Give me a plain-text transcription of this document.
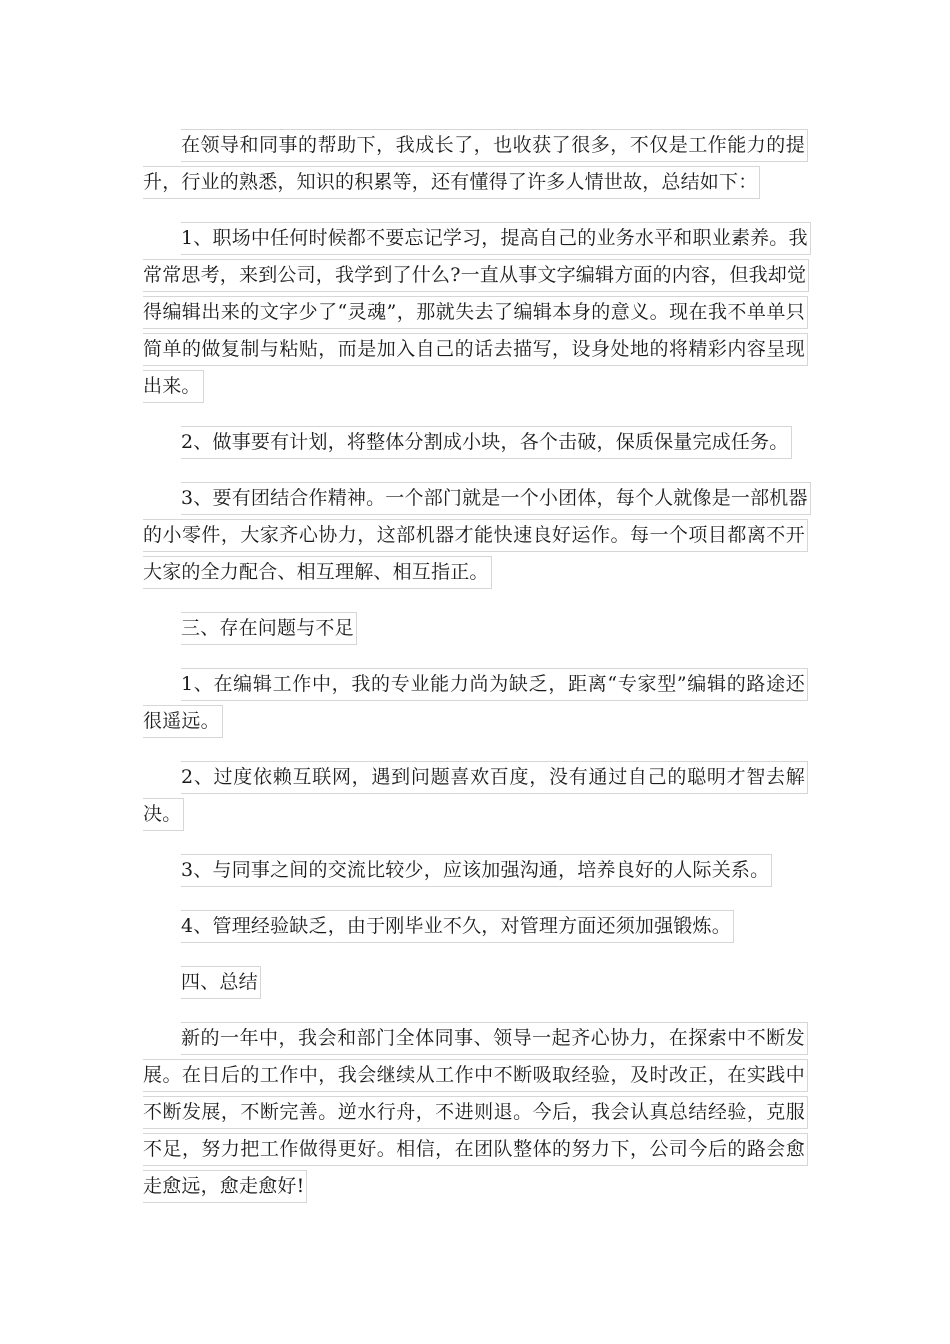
在领导和同事的帮助下，我成长了，也收获了很多，不仅是工作能力的提升，行业的熟悉，知识的积累等，还有懂得了许多人情世故，总结如下：

1、职场中任何时候都不要忘记学习，提高自己的业务水平和职业素养。我常常思考，来到公司，我学到了什么?一直从事文字编辑方面的内容，但我却觉得编辑出来的文字少了“灵魂”，那就失去了编辑本身的意义。现在我不单单只简单的做复制与粘贴，而是加入自己的话去描写，设身处地的将精彩内容呈现出来。

2、做事要有计划，将整体分割成小块，各个击破，保质保量完成任务。

3、要有团结合作精神。一个部门就是一个小团体，每个人就像是一部机器的小零件，大家齐心协力，这部机器才能快速良好运作。每一个项目都离不开大家的全力配合、相互理解、相互指正。

三、存在问题与不足

1、在编辑工作中，我的专业能力尚为缺乏，距离“专家型”编辑的路途还很遥远。

2、过度依赖互联网，遇到问题喜欢百度，没有通过自己的聪明才智去解决。

3、与同事之间的交流比较少，应该加强沟通，培养良好的人际关系。

4、管理经验缺乏，由于刚毕业不久，对管理方面还须加强锻炼。

四、总结

新的一年中，我会和部门全体同事、领导一起齐心协力，在探索中不断发展。在日后的工作中，我会继续从工作中不断吸取经验，及时改正，在实践中不断发展，不断完善。逆水行舟，不进则退。今后，我会认真总结经验，克服不足，努力把工作做得更好。相信，在团队整体的努力下，公司今后的路会愈走愈远，愈走愈好!
